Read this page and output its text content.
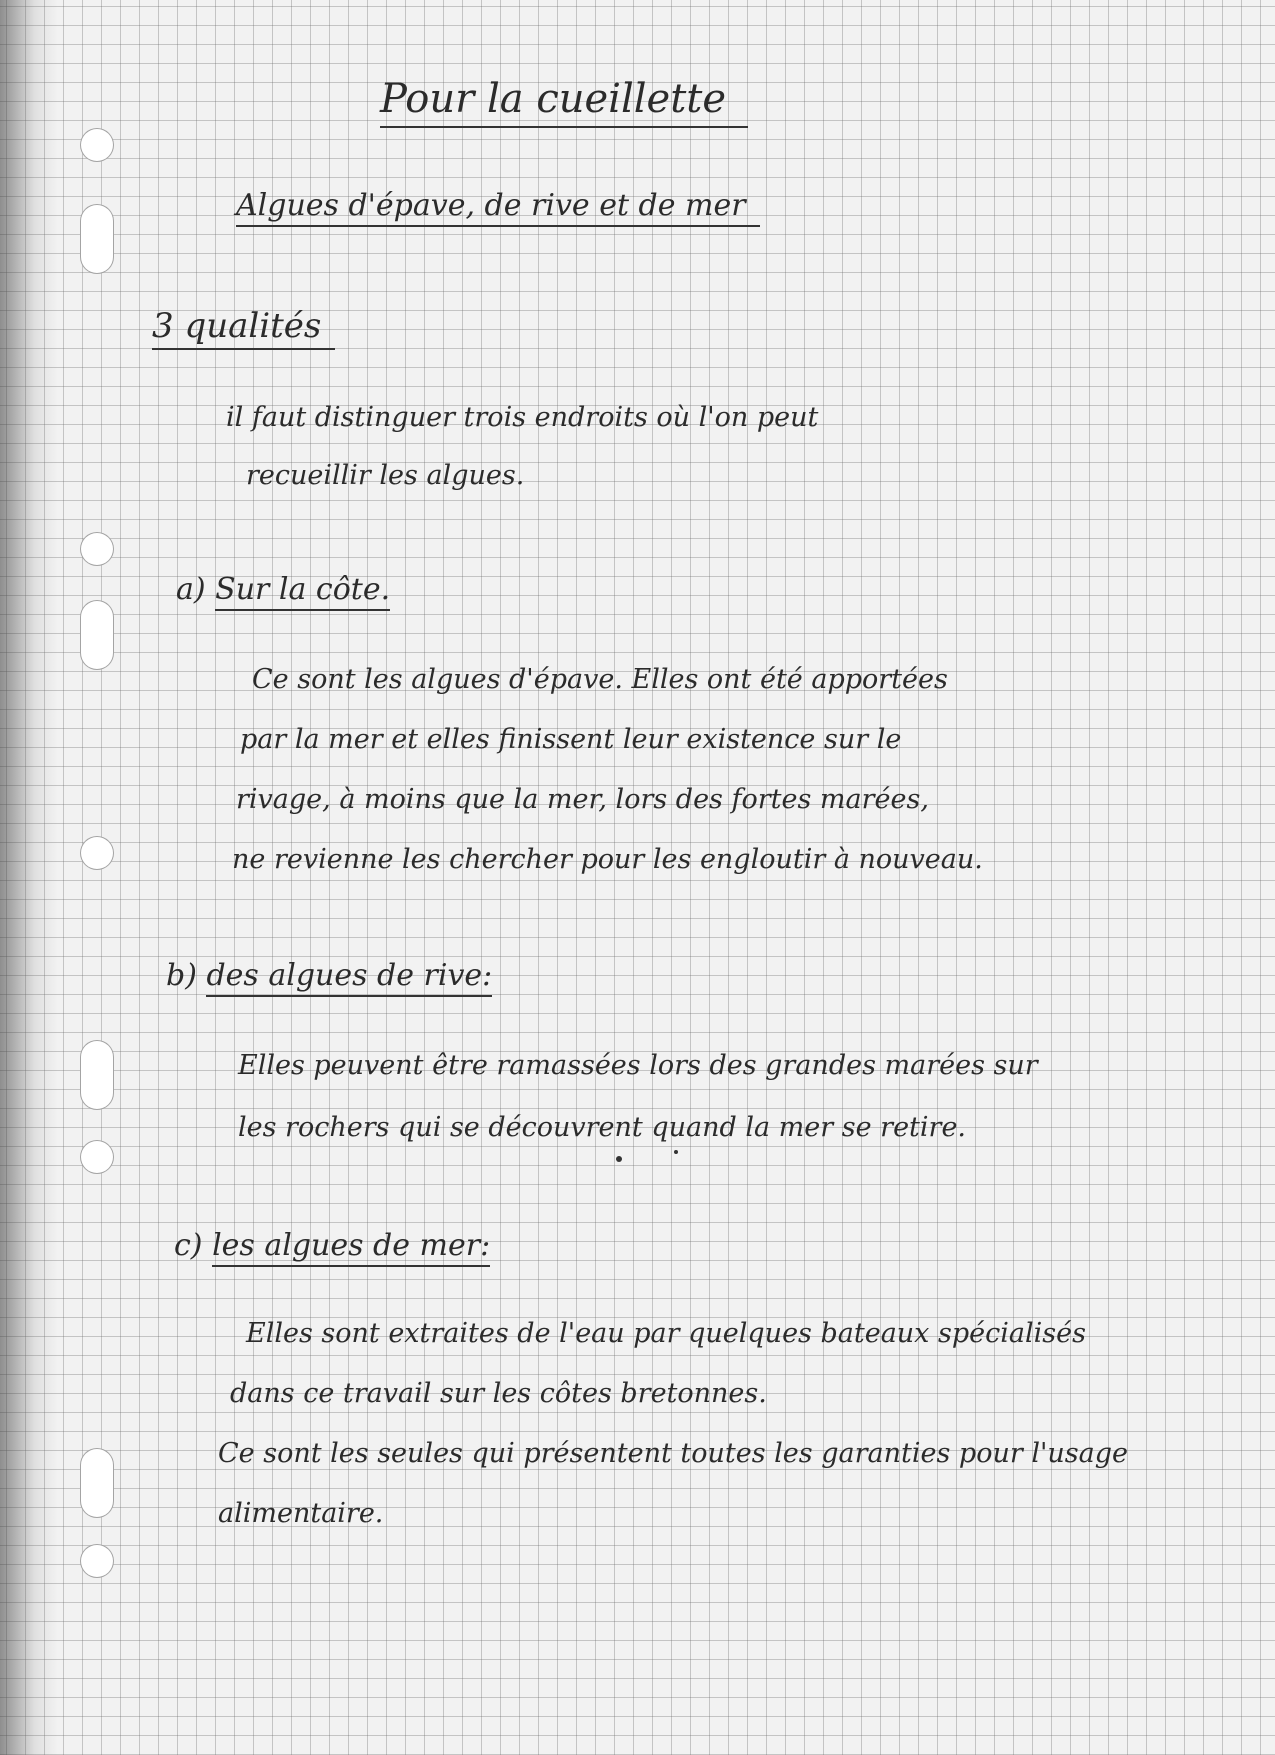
Pour la cueillette
Algues d'épave, de rive et de mer
3 qualités
il faut distinguer trois endroits où l'on peut
recueillir les algues.
a) Sur la côte.
Ce sont les algues d'épave. Elles ont été apportées
par la mer et elles finissent leur existence sur le
rivage, à moins que la mer, lors des fortes marées,
ne revienne les chercher pour les engloutir à nouveau.
b) des algues de rive:
Elles peuvent être ramassées lors des grandes marées sur
les rochers qui se découvrent quand la mer se retire.
c) les algues de mer:
Elles sont extraites de l'eau par quelques bateaux spécialisés
dans ce travail sur les côtes bretonnes.
Ce sont les seules qui présentent toutes les garanties pour l'usage
alimentaire.
